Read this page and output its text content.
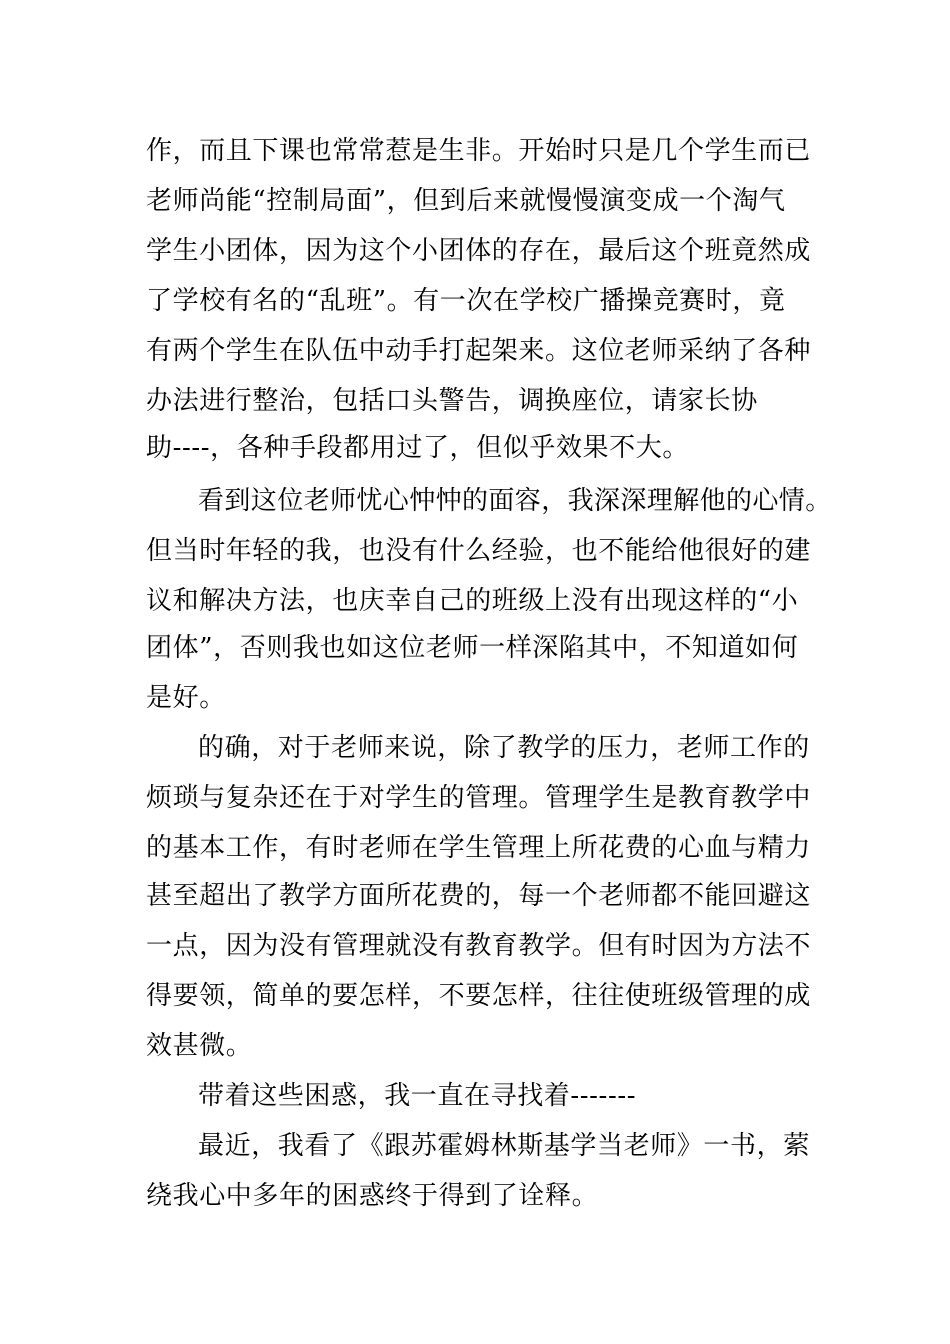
作，而且下课也常常惹是生非。开始时只是几个学生而已
老师尚能“控制局面”，但到后来就慢慢演变成一个淘气
学生小团体，因为这个小团体的存在，最后这个班竟然成
了学校有名的“乱班”。有一次在学校广播操竞赛时，竟
有两个学生在队伍中动手打起架来。这位老师采纳了各种
办法进行整治，包括口头警告，调换座位，请家长协
助----，各种手段都用过了，但似乎效果不大。
看到这位老师忧心忡忡的面容，我深深理解他的心情。
但当时年轻的我，也没有什么经验，也不能给他很好的建
议和解决方法，也庆幸自己的班级上没有出现这样的“小
团体”，否则我也如这位老师一样深陷其中，不知道如何
是好。
的确，对于老师来说，除了教学的压力，老师工作的
烦琐与复杂还在于对学生的管理。管理学生是教育教学中
的基本工作，有时老师在学生管理上所花费的心血与精力
甚至超出了教学方面所花费的，每一个老师都不能回避这
一点，因为没有管理就没有教育教学。但有时因为方法不
得要领，简单的要怎样，不要怎样，往往使班级管理的成
效甚微。
带着这些困惑，我一直在寻找着-------
最近，我看了《跟苏霍姆林斯基学当老师》一书，萦
绕我心中多年的困惑终于得到了诠释。
